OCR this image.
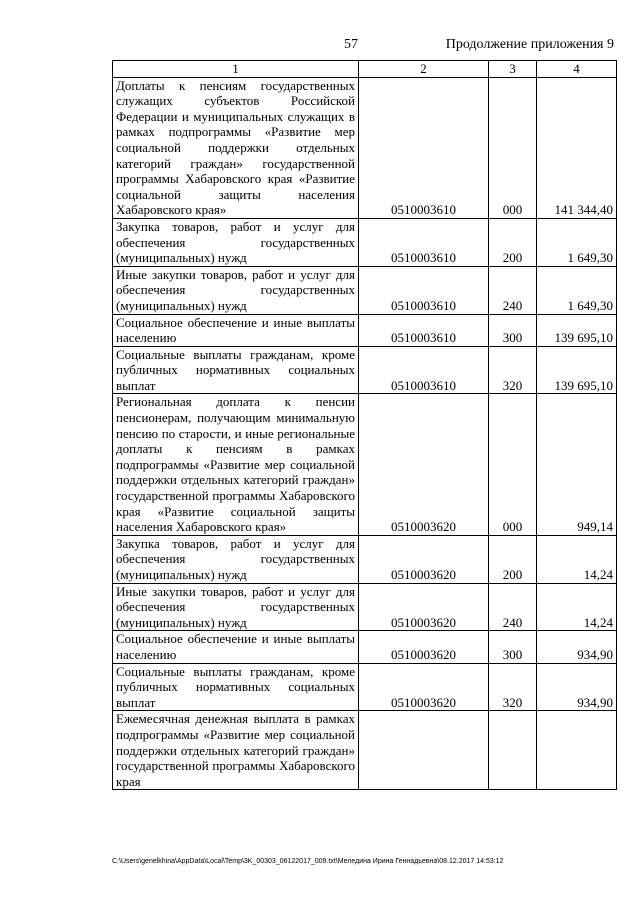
57	Продолжение приложения 9
1	2	3	4
Доплаты к пенсиям государственных служащих субъектов Российской Федерации и муниципальных служащих в рамках подпрограммы «Развитие мер социальной поддержки отдельных категорий граждан» государственной программы Хабаровского края «Развитие социальной защиты населения Хабаровского края»	0510003610	000	141 344,40
Закупка товаров, работ и услуг для обеспечения государственных (муниципальных) нужд	0510003610	200	1 649,30
Иные закупки товаров, работ и услуг для обеспечения государственных (муниципальных) нужд	0510003610	240	1 649,30
Социальное обеспечение и иные выплаты населению	0510003610	300	139 695,10
Социальные выплаты гражданам, кроме публичных нормативных социальных выплат	0510003610	320	139 695,10
Региональная доплата к пенсии пенсионерам, получающим минимальную пенсию по старости, и иные региональные доплаты к пенсиям в рамках подпрограммы «Развитие мер социальной поддержки отдельных категорий граждан» государственной программы Хабаровского края «Развитие социальной защиты населения Хабаровского края»	0510003620	000	949,14
Закупка товаров, работ и услуг для обеспечения государственных (муниципальных) нужд	0510003620	200	14,24
Иные закупки товаров, работ и услуг для обеспечения государственных (муниципальных) нужд	0510003620	240	14,24
Социальное обеспечение и иные выплаты населению	0510003620	300	934,90
Социальные выплаты гражданам, кроме публичных нормативных социальных выплат	0510003620	320	934,90
Ежемесячная денежная выплата в рамках подпрограммы «Развитие мер социальной поддержки отдельных категорий граждан» государственной программы Хабаровского края			
C:\Users\genelkhina\AppData\Local\Temp\3K_00303_06122017_009.txt\Меледина Ирина Геннадьевна\08.12.2017 14:53:12
